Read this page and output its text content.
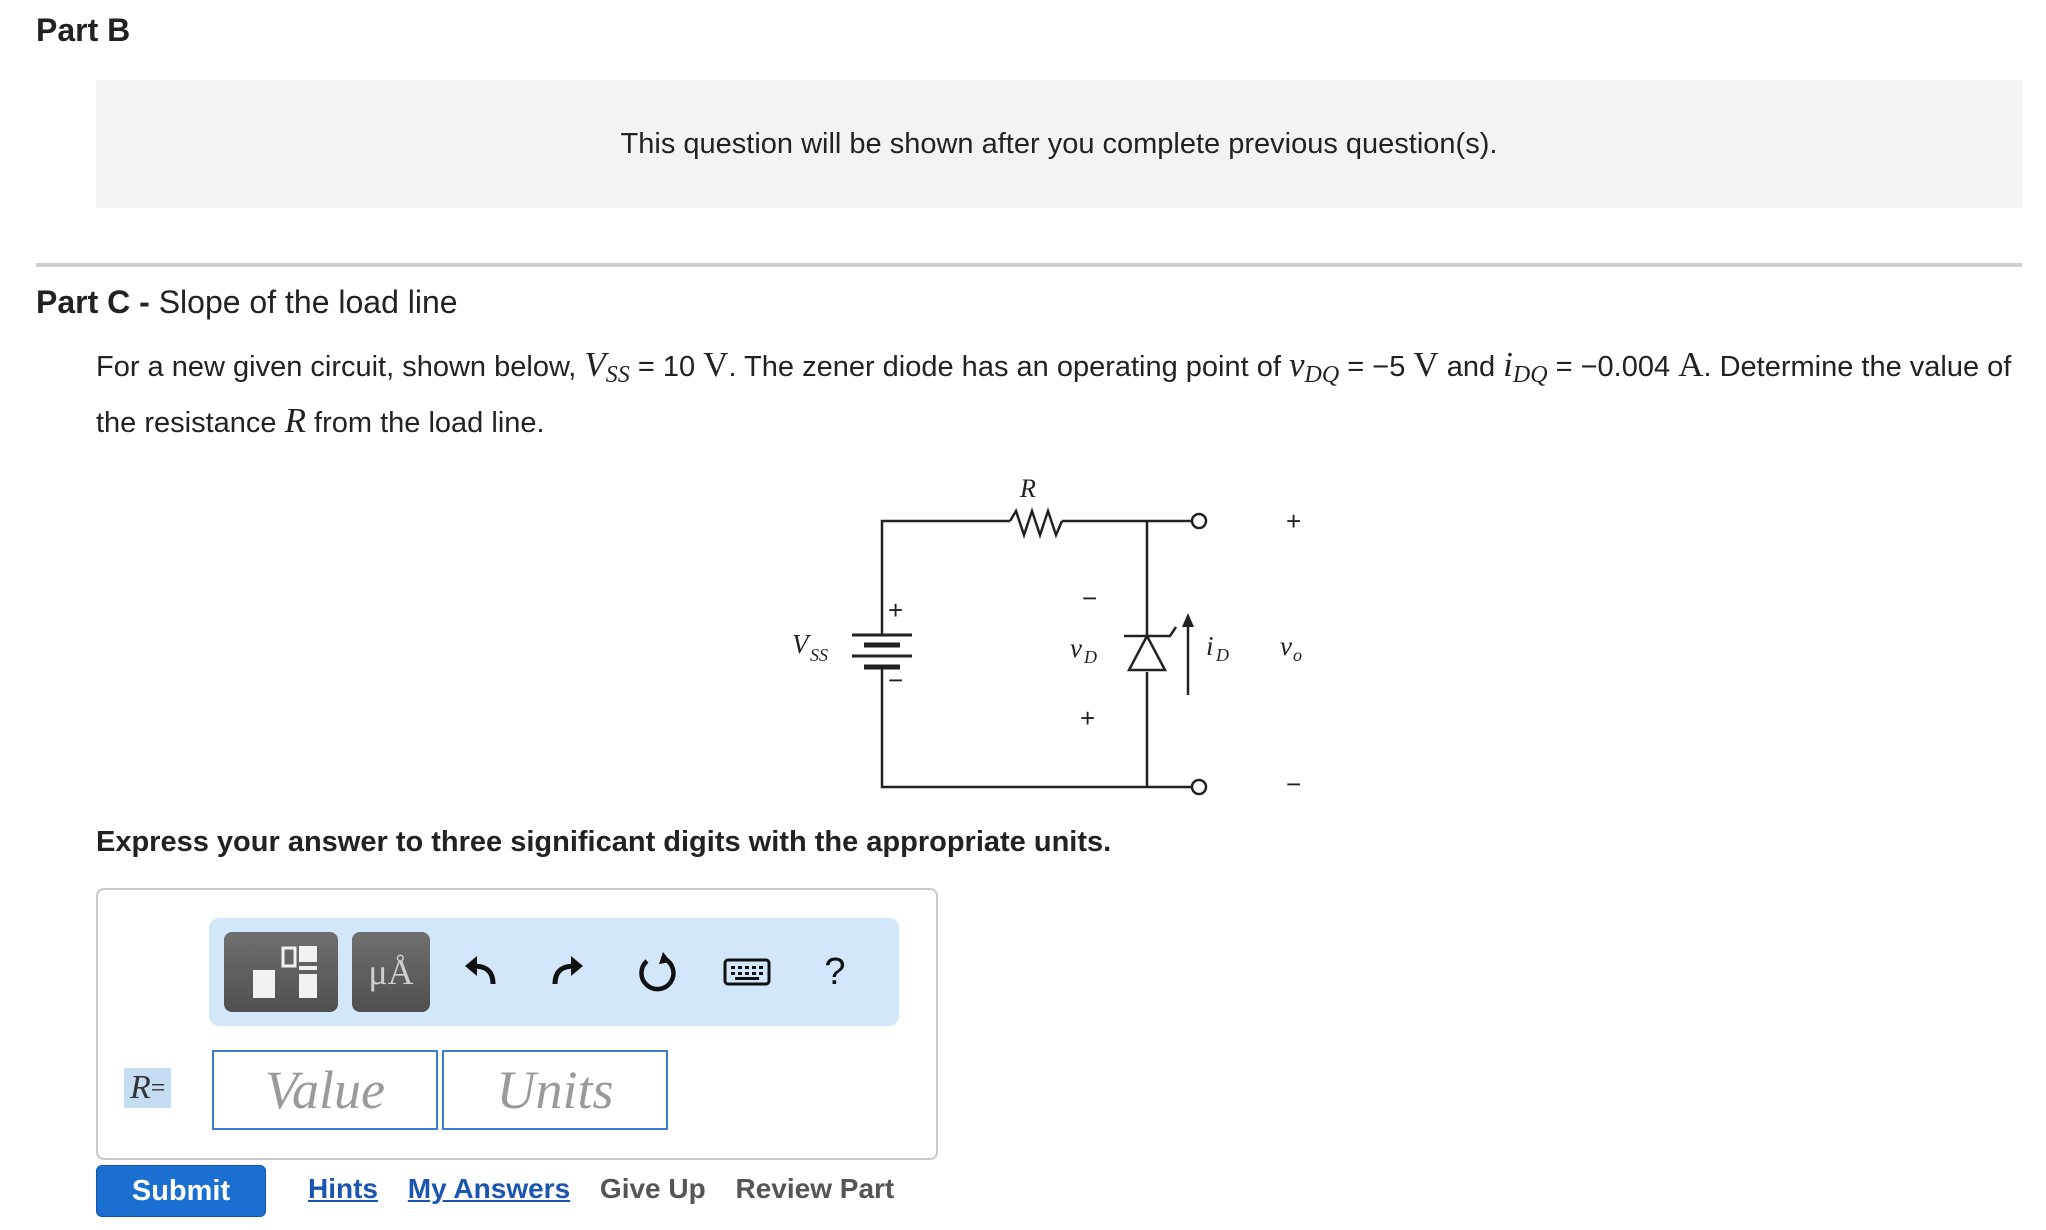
Part B
This question will be shown after you complete previous question(s).
Part C - Slope of the load line
For a new given circuit, shown below, $V_{SS} = 10$ V. The zener diode has an operating point of $v_{DQ} = -5$ V and $i_{DQ} = -0.004$ A. Determine the value of the resistance R from the load line.
R
V SS	v D	i D v o
+
−
−
+
+
−
Express your answer to three significant digits with the appropriate units.
μÅ	?
R =
Value
Units
Submit	Hints My Answers Give Up Review Part
